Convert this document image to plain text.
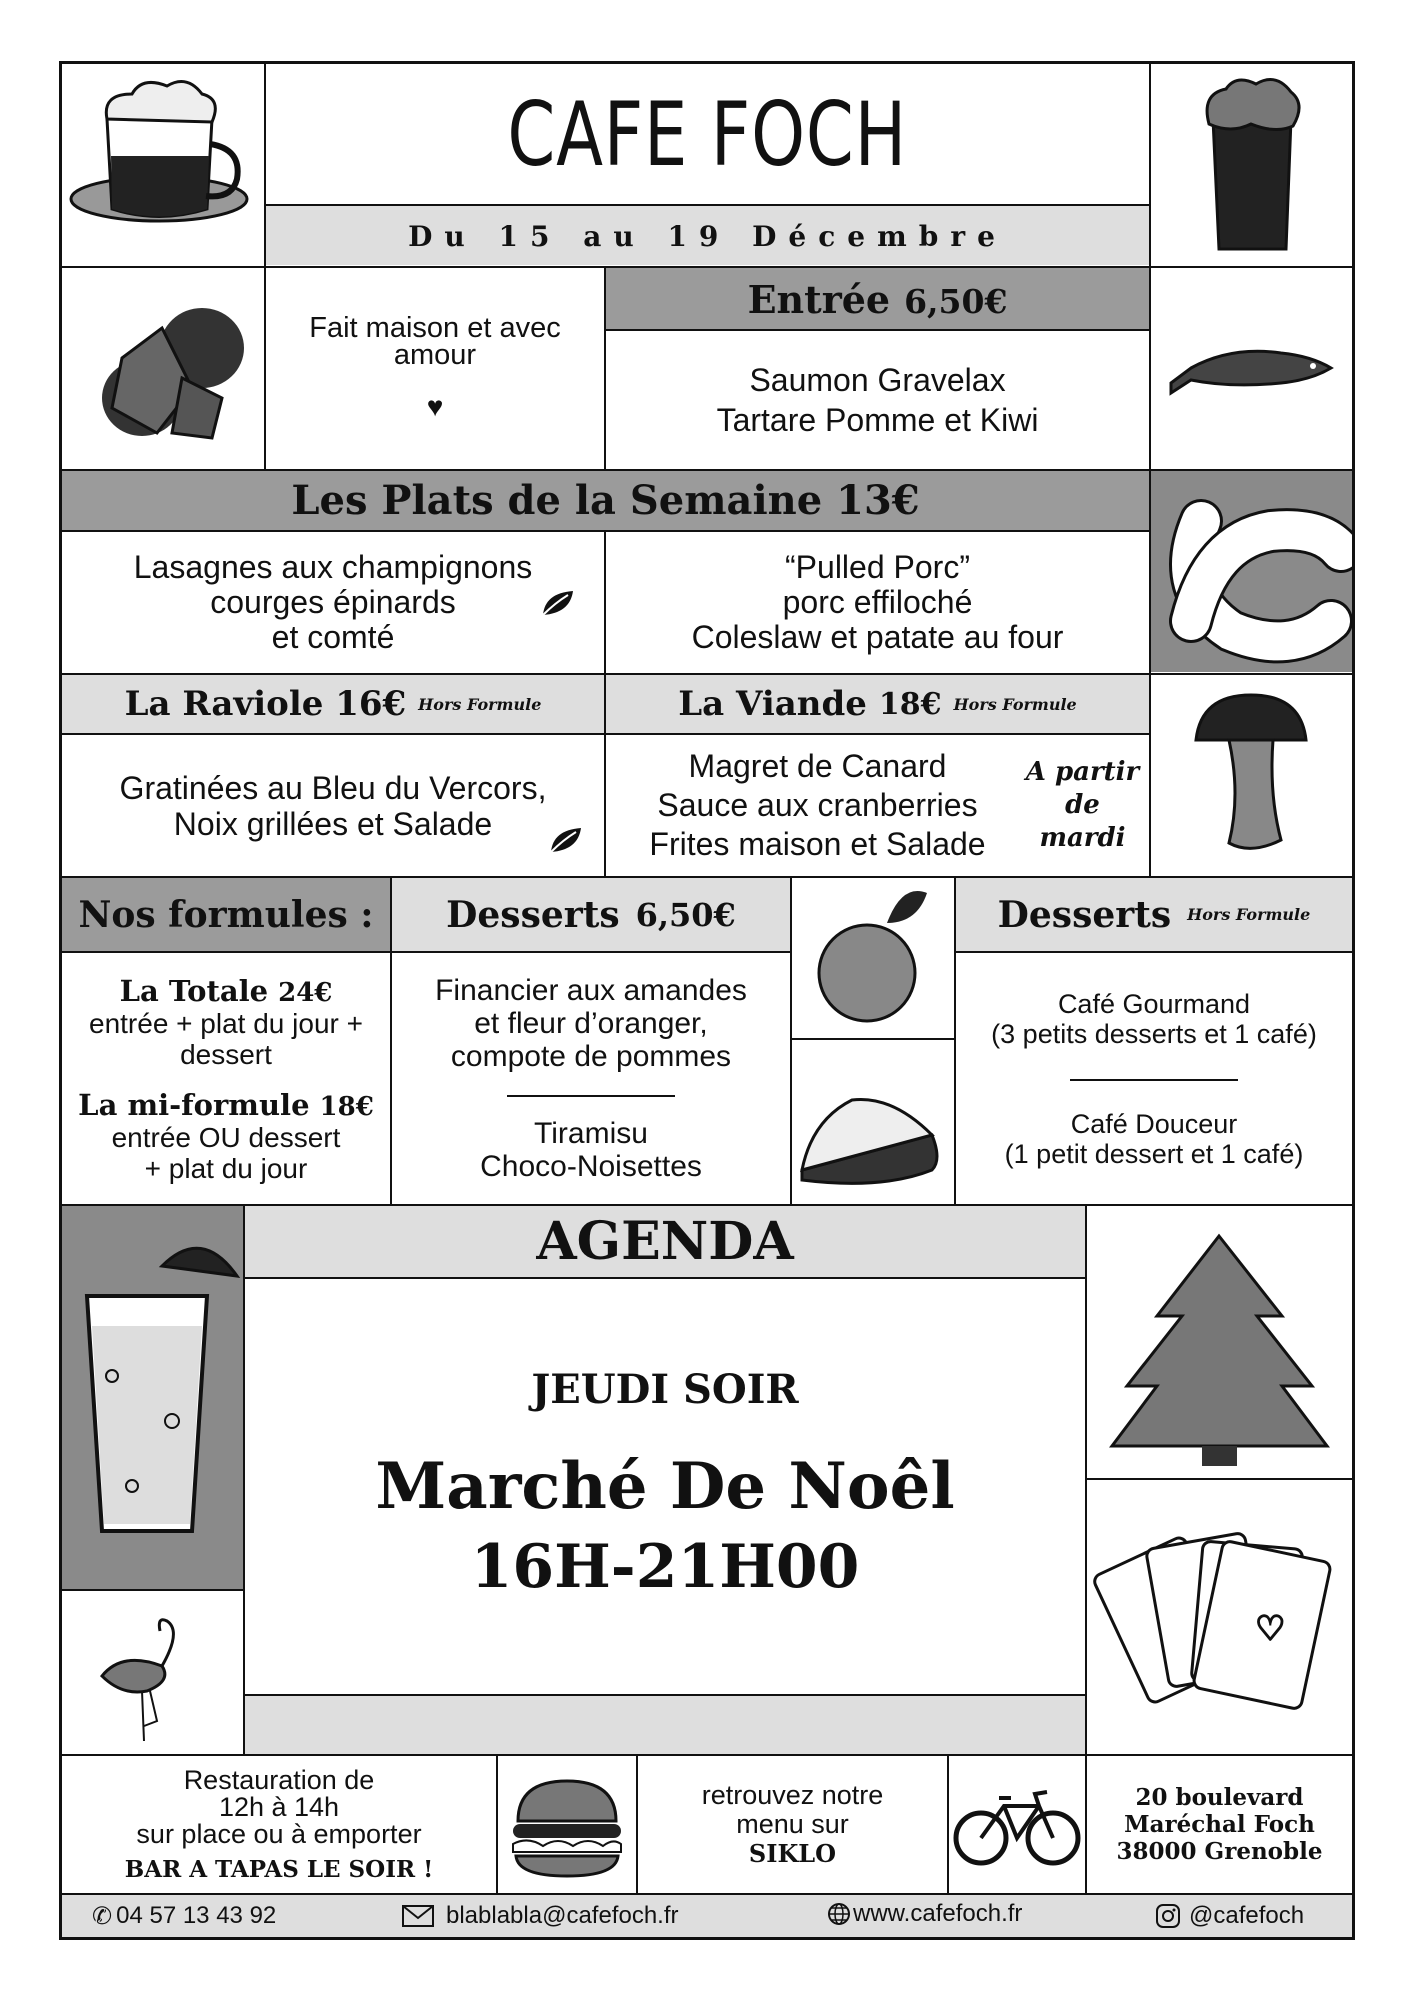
CAFE FOCH
Du 15 au 19 Décembre
Fait maison et avec amour
♥
Entrée 6,50€
Saumon Gravelax
Tartare Pomme et Kiwi
Les Plats de la Semaine 13€
Lasagnes aux champignons
courges épinards
et comté
“Pulled Porc”
porc effiloché
Coleslaw et patate au four
La Raviole 16€ Hors Formule
Gratinées au Bleu du Vercors,
Noix grillées et Salade
La Viande 18€ Hors Formule
Magret de Canard
Sauce aux cranberries
Frites maison et Salade
A partir
de
mardi
Nos formules :
La Totale 24€
entrée + plat du jour +
dessert
La mi-formule 18€
entrée OU dessert
+ plat du jour
Desserts 6,50€
Financier aux amandes
et fleur d’oranger,
compote de pommes
Tiramisu
Choco-Noisettes
Desserts Hors Formule
Café Gourmand
(3 petits desserts et 1 café)
Café Douceur
(1 petit dessert et 1 café)
AGENDA
JEUDI SOIR
Marché De Noêl
16H-21H00
♡
Restauration de
12h à 14h
sur place ou à emporter
BAR A TAPAS LE SOIR !
retrouvez notre
menu sur
SIKLO
20 boulevard
Maréchal Foch
38000 Grenoble
✆ 04 57 13 43 92	blablabla@cafefoch.fr	www.cafefoch.fr	@cafefoch
